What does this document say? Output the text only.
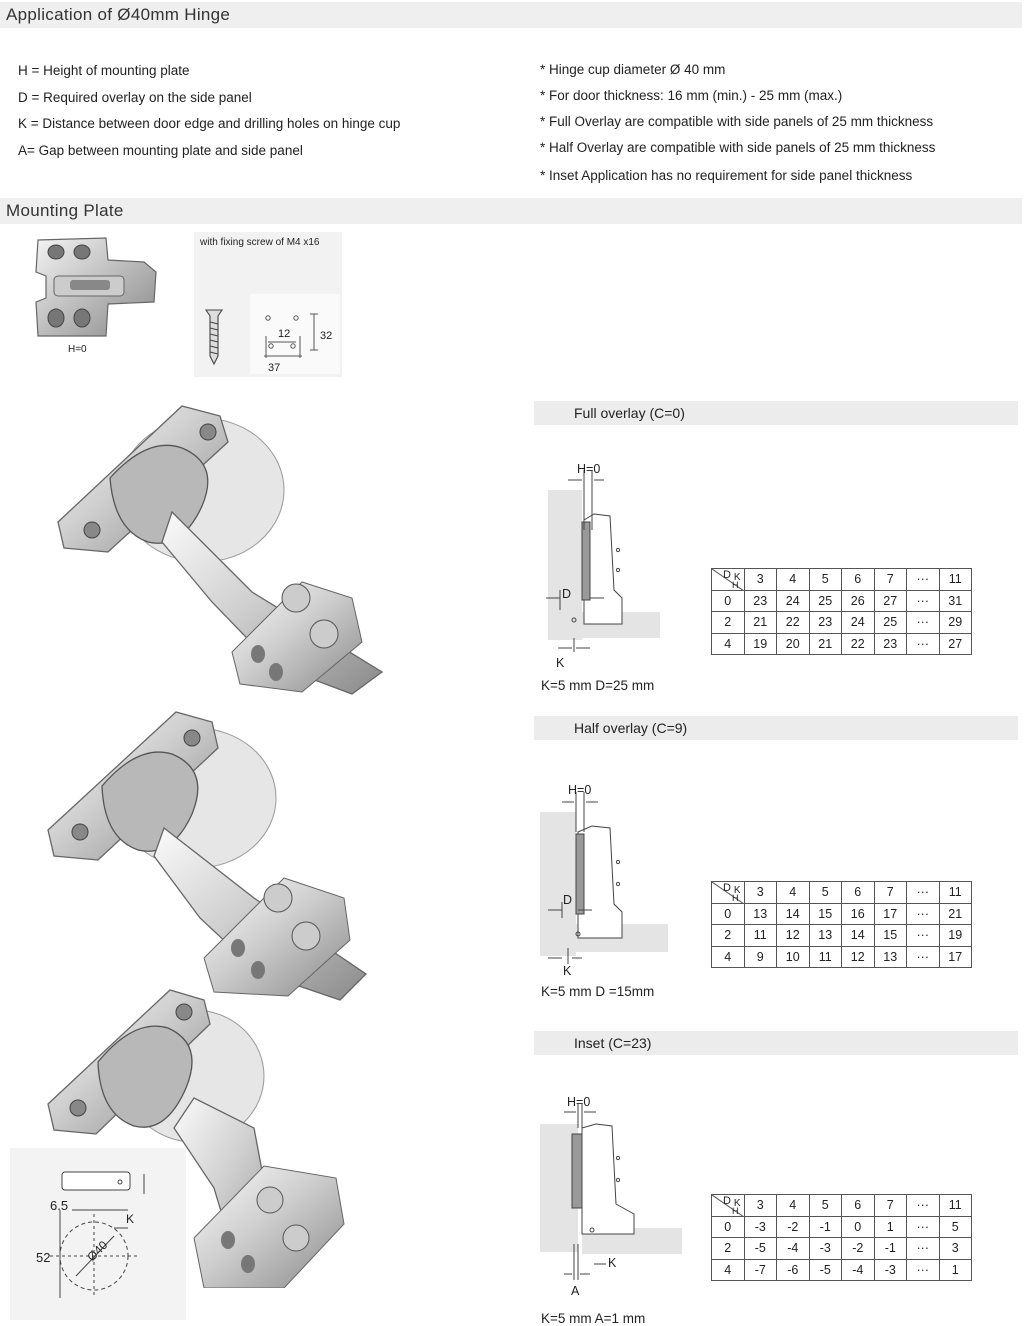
Application of Ø40mm Hinge
H = Height of mounting plate
D = Required overlay on the side panel
K = Distance between door edge and drilling holes on hinge cup
A= Gap between mounting plate and side panel
* Hinge cup diameter Ø 40 mm
* For door thickness: 16 mm (min.) - 25 mm (max.)
* Full Overlay are compatible with side panels of 25 mm thickness
* Half Overlay are compatible with side panels of 25 mm thickness
* Inset Application has no requirement for side panel thickness
Mounting Plate
H=0
with fixing screw of M4 x16
12	32
37
6.5
K
52	Ø40
Full overlay (C=0)
H=0
D
K
K=5 mm D=25 mm
D K
H	3	4	5	6	7	···	11
0	23	24	25	26	27	···	31
2	21	22	23	24	25	···	29
4	19	20	21	22	23	···	27
Half overlay (C=9)
H=0
D
K
K=5 mm D =15mm
D K
H	3	4	5	6	7	···	11
0	13	14	15	16	17	···	21
2	11	12	13	14	15	···	19
4	9	10	11	12	13	···	17
Inset (C=23)
H=0
A
K
K=5 mm A=1 mm
D K
H	3	4	5	6	7	···	11
0	-3	-2	-1	0	1	···	5
2	-5	-4	-3	-2	-1	···	3
4	-7	-6	-5	-4	-3	···	1
